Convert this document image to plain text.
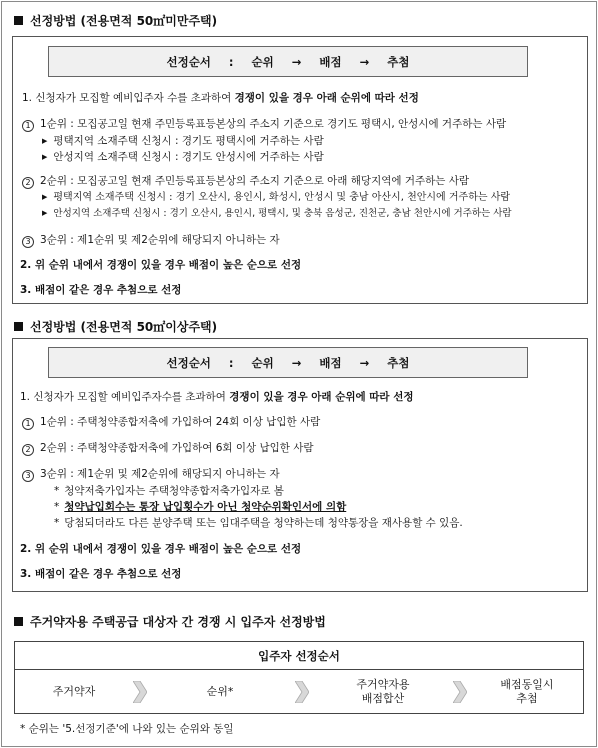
선정방법 (전용면적 50㎡미만주택)
선정순서   :   순위   →   배점   →   추첨
1. 신청자가 모집할 예비입주자 수를 초과하여 경쟁이 있을 경우 아래 순위에 따라 선정
1 1순위 : 모집공고일 현재 주민등록표등본상의 주소지 기준으로 경기도 평택시, 안성시에 거주하는 사람
▶ 평택지역 소재주택 신청시 : 경기도 평택시에 거주하는 사람
▶ 안성지역 소재주택 신청시 : 경기도 안성시에 거주하는 사람
2 2순위 : 모집공고일 현재 주민등록표등본상의 주소지 기준으로 아래 해당지역에 거주하는 사람
▶ 평택지역 소재주택 신청시 : 경기 오산시, 용인시, 화성시, 안성시 및 충남 아산시, 천안시에 거주하는 사람
▶ 안성지역 소재주택 신청시 : 경기 오산시, 용인시, 평택시, 및 충북 음성군, 진천군, 충남 천안시에 거주하는 사람
3 3순위 : 제1순위 및 제2순위에 해당되지 아니하는 자
2. 위 순위 내에서 경쟁이 있을 경우 배점이 높은 순으로 선정
3. 배점이 같은 경우 추첨으로 선정
선정방법 (전용면적 50㎡이상주택)
선정순서   :   순위   →   배점   →   추첨
1. 신청자가 모집할 예비입주자수를 초과하여 경쟁이 있을 경우 아래 순위에 따라 선정
1 1순위 : 주택청약종합저축에 가입하여 24회 이상 납입한 사람
2 2순위 : 주택청약종합저축에 가입하여 6회 이상 납입한 사람
3 3순위 : 제1순위 및 제2순위에 해당되지 아니하는 자
* 청약저축가입자는 주택청약종합저축가입자로 봄
* 청약납입회수는 통장 납입횟수가 아닌 청약순위확인서에 의함
* 당첨되더라도 다른 분양주택 또는 임대주택을 청약하는데 청약통장을 재사용할 수 있음.
2. 위 순위 내에서 경쟁이 있을 경우 배점이 높은 순으로 선정
3. 배점이 같은 경우 추첨으로 선정
주거약자용 주택공급 대상자 간 경쟁 시 입주자 선정방법
입주자 선정순서
주거약자	순위*
주거약자용
배점합산
배점동일시
추첨
* 순위는 '5.선정기준'에 나와 있는 순위와 동일
